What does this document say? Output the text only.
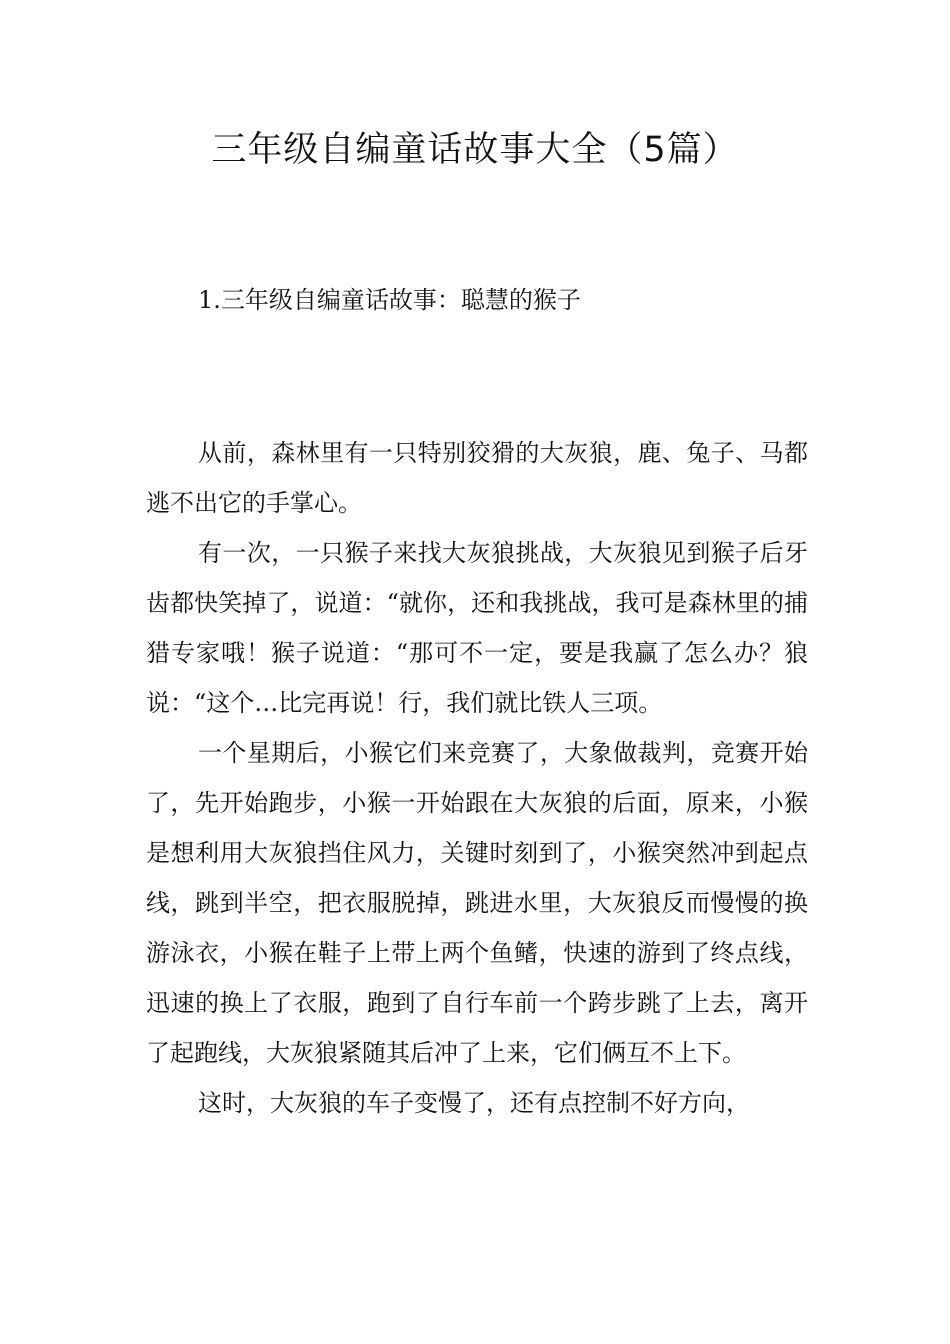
三年级自编童话故事大全（5篇）
1.三年级自编童话故事：聪慧的猴子

从前，森林里有一只特别狡猾的大灰狼，鹿、兔子、马都逃不出它的手掌心。

有一次，一只猴子来找大灰狼挑战，大灰狼见到猴子后牙齿都快笑掉了，说道：“就你，还和我挑战，我可是森林里的捕猎专家哦！猴子说道：“那可不一定，要是我赢了怎么办？狼说：“这个…比完再说！行，我们就比铁人三项。

一个星期后，小猴它们来竞赛了，大象做裁判，竞赛开始了，先开始跑步，小猴一开始跟在大灰狼的后面，原来，小猴是想利用大灰狼挡住风力，关键时刻到了，小猴突然冲到起点线，跳到半空，把衣服脱掉，跳进水里，大灰狼反而慢慢的换游泳衣，小猴在鞋子上带上两个鱼鳍，快速的游到了终点线，迅速的换上了衣服，跑到了自行车前一个跨步跳了上去，离开了起跑线，大灰狼紧随其后冲了上来，它们俩互不上下。

这时，大灰狼的车子变慢了，还有点控制不好方向，
